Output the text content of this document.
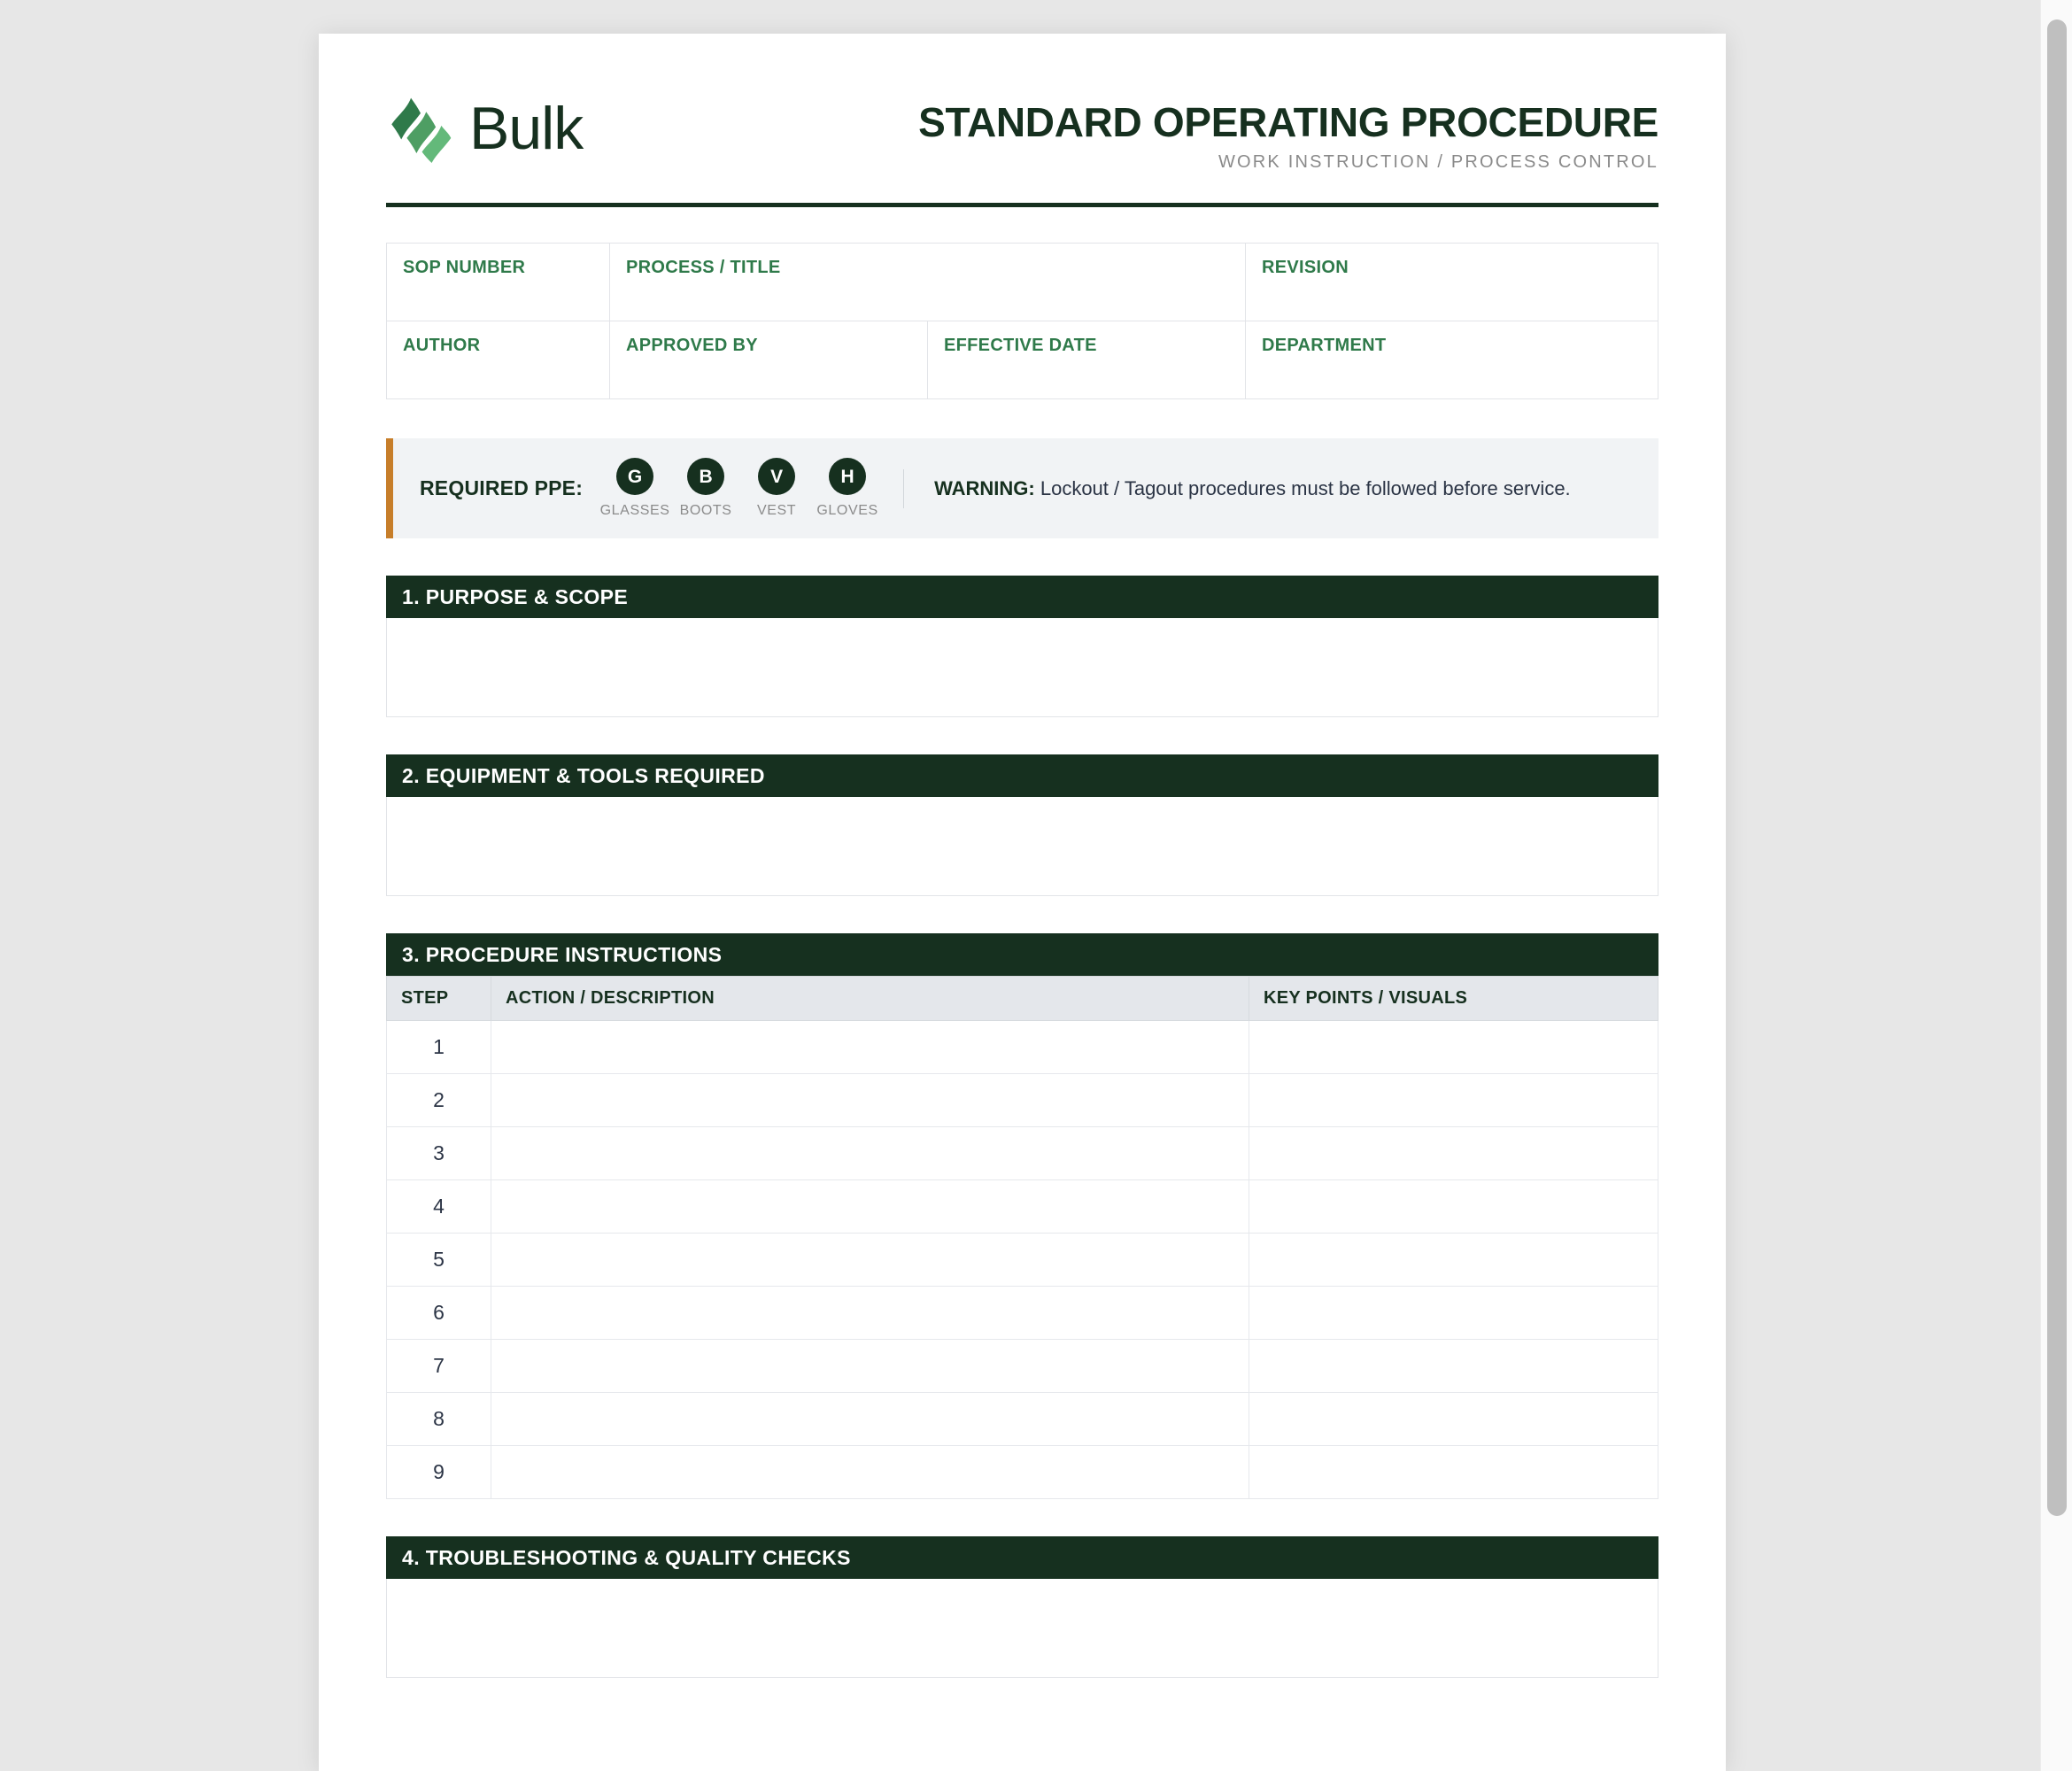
Bulk	STANDARD OPERATING PROCEDURE
WORK INSTRUCTION / PROCESS CONTROL
SOP NUMBER	PROCESS / TITLE		REVISION

AUTHOR	APPROVED BY	EFFECTIVE DATE	DEPARTMENT
REQUIRED PPE:	G
GLASSES
B
BOOTS
V
VEST
H
GLOVES
WARNING: Lockout / Tagout procedures must be followed before service.
1. PURPOSE & SCOPE
2. EQUIPMENT & TOOLS REQUIRED
3. PROCEDURE INSTRUCTIONS
STEP	ACTION / DESCRIPTION	KEY POINTS / VISUALS
1		
2		
3		
4		
5		
6		
7		
8		
9		
4. TROUBLESHOOTING & QUALITY CHECKS
